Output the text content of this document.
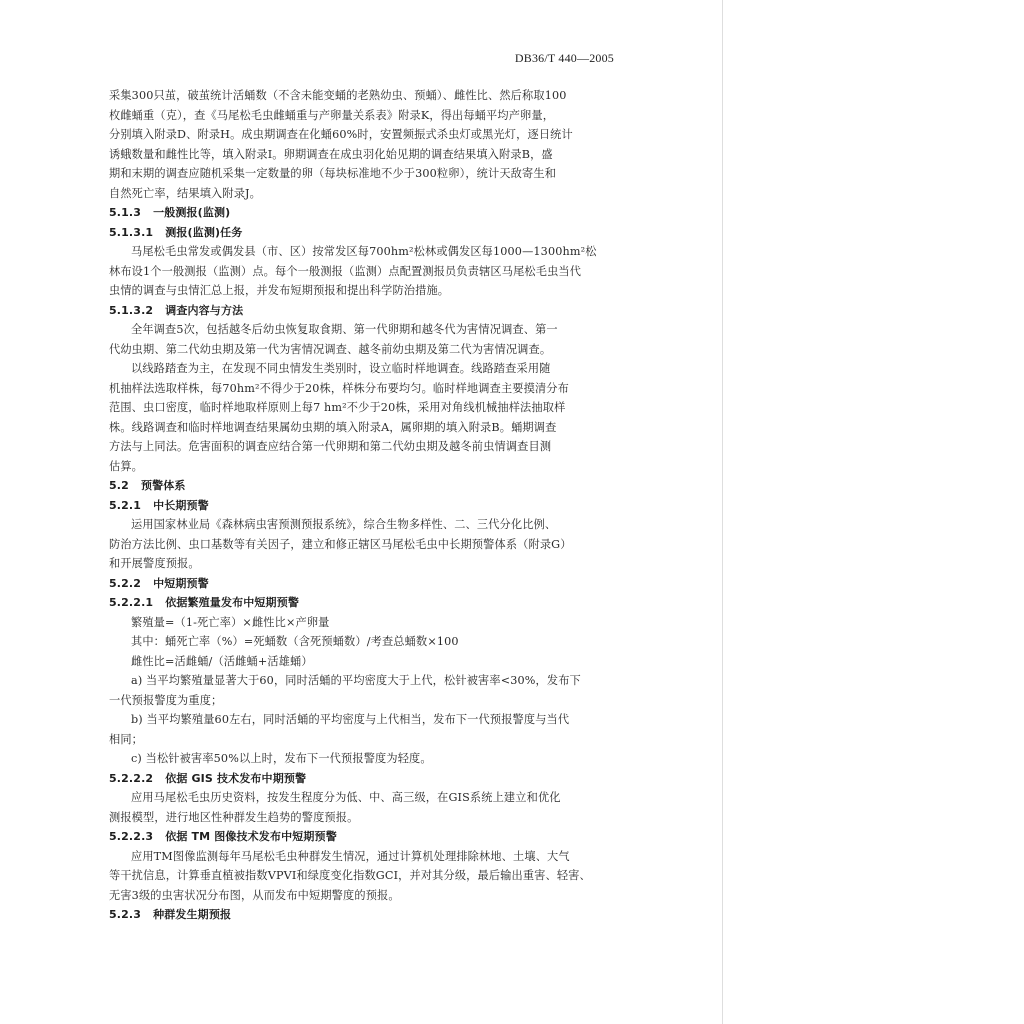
DB36/T 440—2005
采集300只茧，破茧统计活蛹数（不含未能变蛹的老熟幼虫、预蛹）、雌性比、然后称取100
枚雌蛹重（克），查《马尾松毛虫雌蛹重与产卵量关系表》附录K，得出每蛹平均产卵量，
分别填入附录D、附录H。成虫期调查在化蛹60%时，安置频振式杀虫灯或黑光灯，逐日统计
诱蛾数量和雌性比等，填入附录I。卵期调查在成虫羽化始见期的调查结果填入附录B，盛
期和末期的调查应随机采集一定数量的卵（每块标准地不少于300粒卵），统计天敌寄生和
自然死亡率，结果填入附录J。
5.1.3 一般测报(监测)
5.1.3.1 测报(监测)任务
马尾松毛虫常发或偶发县（市、区）按常发区每700hm²松林或偶发区每1000—1300hm²松
林布设1个一般测报（监测）点。每个一般测报（监测）点配置测报员负责辖区马尾松毛虫当代
虫情的调查与虫情汇总上报，并发布短期预报和提出科学防治措施。
5.1.3.2 调查内容与方法
全年调查5次，包括越冬后幼虫恢复取食期、第一代卵期和越冬代为害情况调查、第一
代幼虫期、第二代幼虫期及第一代为害情况调查、越冬前幼虫期及第二代为害情况调查。
以线路踏查为主，在发现不同虫情发生类别时，设立临时样地调查。线路踏查采用随
机抽样法选取样株，每70hm²不得少于20株，样株分布要均匀。临时样地调查主要摸清分布
范围、虫口密度，临时样地取样原则上每7 hm²不少于20株，采用对角线机械抽样法抽取样
株。线路调查和临时样地调查结果属幼虫期的填入附录A，属卵期的填入附录B。蛹期调查
方法与上同法。危害面积的调查应结合第一代卵期和第二代幼虫期及越冬前虫情调查目测
估算。
5.2 预警体系
5.2.1 中长期预警
运用国家林业局《森林病虫害预测预报系统》，综合生物多样性、二、三代分化比例、
防治方法比例、虫口基数等有关因子，建立和修正辖区马尾松毛虫中长期预警体系（附录G）
和开展警度预报。
5.2.2 中短期预警
5.2.2.1 依据繁殖量发布中短期预警
繁殖量=（1-死亡率）×雌性比×产卵量
其中：蛹死亡率（%）=死蛹数（含死预蛹数）/考查总蛹数×100
雌性比=活雌蛹/（活雌蛹+活雄蛹）
a) 当平均繁殖量显著大于60，同时活蛹的平均密度大于上代，松针被害率<30%，发布下
一代预报警度为重度；
b) 当平均繁殖量60左右，同时活蛹的平均密度与上代相当，发布下一代预报警度与当代
相同；
c) 当松针被害率50%以上时，发布下一代预报警度为轻度。
5.2.2.2 依据 GIS 技术发布中期预警
应用马尾松毛虫历史资料，按发生程度分为低、中、高三级，在GIS系统上建立和优化
测报模型，进行地区性种群发生趋势的警度预报。
5.2.2.3 依据 TM 图像技术发布中短期预警
应用TM图像监测每年马尾松毛虫种群发生情况，通过计算机处理排除林地、土壤、大气
等干扰信息，计算垂直植被指数VPVI和绿度变化指数GCI，并对其分级，最后输出重害、轻害、
无害3级的虫害状况分布图，从而发布中短期警度的预报。
5.2.3 种群发生期预报
